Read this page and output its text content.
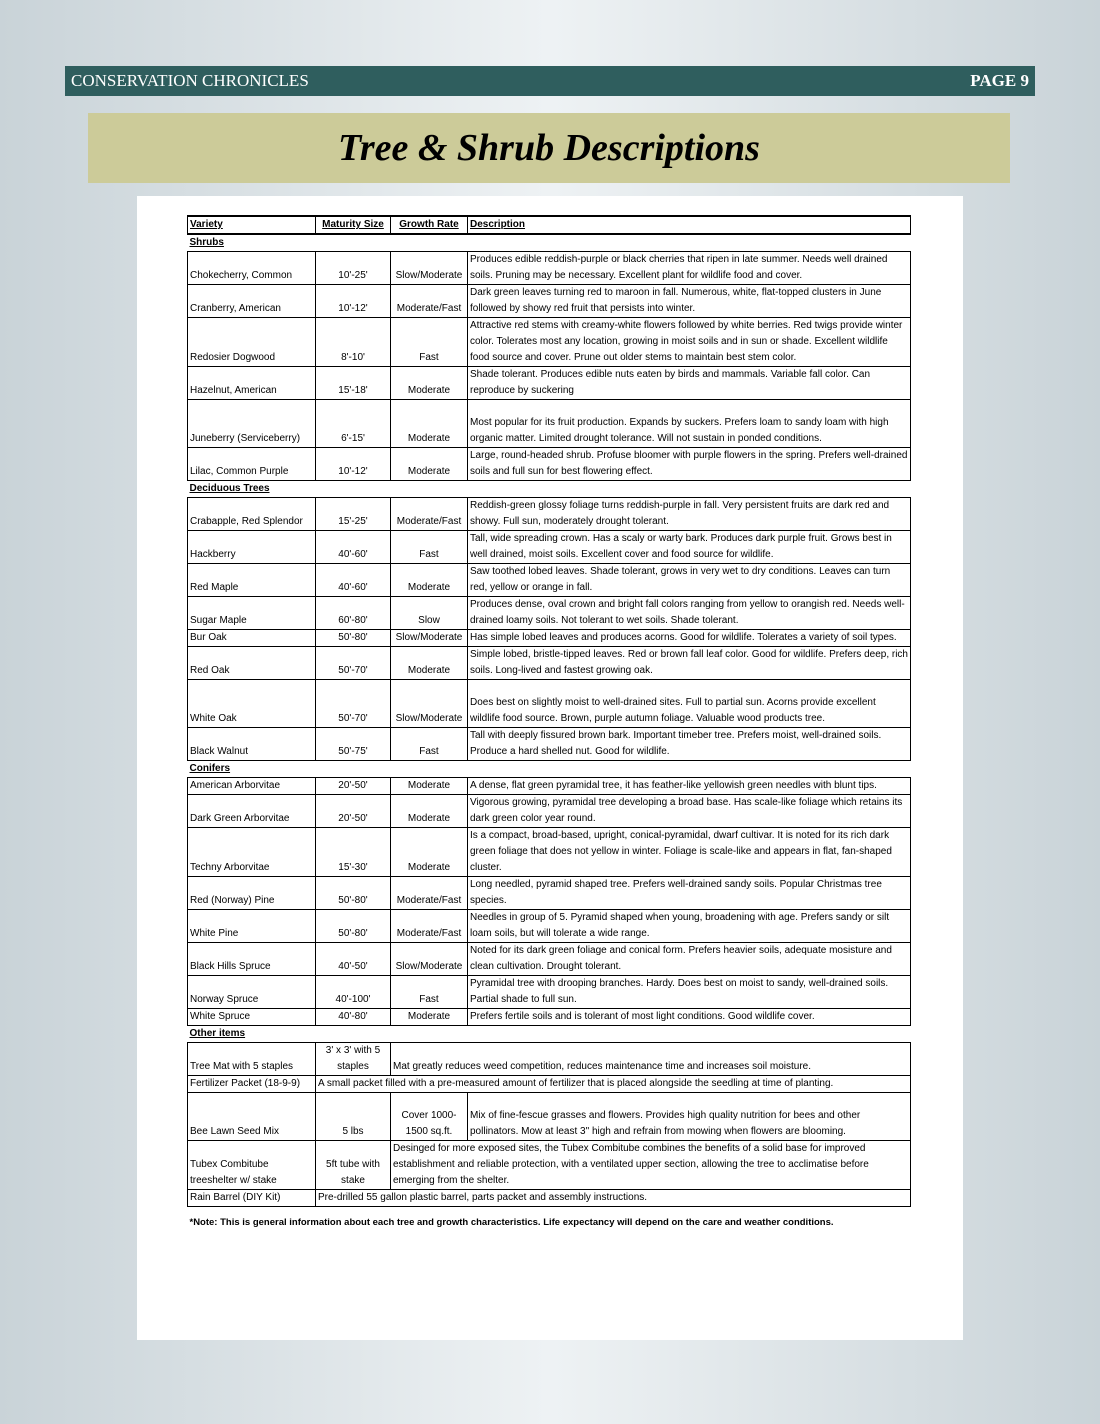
CONSERVATION CHRONICLES	PAGE 9
Tree & Shrub Descriptions
Variety	Maturity Size	Growth Rate	Description
Shrubs			
Chokecherry, Common	10'-25'	Slow/Moderate	Produces edible reddish-purple or black cherries that ripen in late summer. Needs well drained soils. Pruning may be necessary. Excellent plant for wildlife food and cover.
Cranberry, American	10'-12'	Moderate/Fast	Dark green leaves turning red to maroon in fall. Numerous, white, flat-topped clusters in June followed by showy red fruit that persists into winter.
Redosier Dogwood	8'-10'	Fast	Attractive red stems with creamy-white flowers followed by white berries. Red twigs provide winter color. Tolerates most any location, growing in moist soils and in sun or shade. Excellent wildlife food source and cover. Prune out older stems to maintain best stem color.
Hazelnut, American	15'-18'	Moderate	Shade tolerant. Produces edible nuts eaten by birds and mammals. Variable fall color. Can reproduce by suckering
Juneberry (Serviceberry)	6'-15'	Moderate	Most popular for its fruit production. Expands by suckers. Prefers loam to sandy loam with high organic matter. Limited drought tolerance. Will not sustain in ponded conditions.
Lilac, Common Purple	10'-12'	Moderate	Large, round-headed shrub. Profuse bloomer with purple flowers in the spring. Prefers well-drained soils and full sun for best flowering effect.
Deciduous Trees			
Crabapple, Red Splendor	15'-25'	Moderate/Fast	Reddish-green glossy foliage turns reddish-purple in fall. Very persistent fruits are dark red and showy. Full sun, moderately drought tolerant.
Hackberry	40'-60'	Fast	Tall, wide spreading crown. Has a scaly or warty bark. Produces dark purple fruit. Grows best in well drained, moist soils. Excellent cover and food source for wildlife.
Red Maple	40'-60'	Moderate	Saw toothed lobed leaves. Shade tolerant, grows in very wet to dry conditions. Leaves can turn red, yellow or orange in fall.
Sugar Maple	60'-80'	Slow	Produces dense, oval crown and bright fall colors ranging from yellow to orangish red. Needs well-drained loamy soils. Not tolerant to wet soils. Shade tolerant.
Bur Oak	50'-80'	Slow/Moderate	Has simple lobed leaves and produces acorns. Good for wildlife. Tolerates a variety of soil types.
Red Oak	50'-70'	Moderate	Simple lobed, bristle-tipped leaves. Red or brown fall leaf color. Good for wildlife. Prefers deep, rich soils. Long-lived and fastest growing oak.
White Oak	50'-70'	Slow/Moderate	Does best on slightly moist to well-drained sites. Full to partial sun. Acorns provide excellent wildlife food source. Brown, purple autumn foliage. Valuable wood products tree.
Black Walnut	50'-75'	Fast	Tall with deeply fissured brown bark. Important timeber tree. Prefers moist, well-drained soils. Produce a hard shelled nut. Good for wildlife.
Conifers			
American Arborvitae	20'-50'	Moderate	A dense, flat green pyramidal tree, it has feather-like yellowish green needles with blunt tips.
Dark Green Arborvitae	20'-50'	Moderate	Vigorous growing, pyramidal tree developing a broad base. Has scale-like foliage which retains its dark green color year round.
Techny Arborvitae	15'-30'	Moderate	Is a compact, broad-based, upright, conical-pyramidal, dwarf cultivar. It is noted for its rich dark green foliage that does not yellow in winter. Foliage is scale-like and appears in flat, fan-shaped cluster.
Red (Norway) Pine	50'-80'	Moderate/Fast	Long needled, pyramid shaped tree. Prefers well-drained sandy soils. Popular Christmas tree species.
White Pine	50'-80'	Moderate/Fast	Needles in group of 5. Pyramid shaped when young, broadening with age. Prefers sandy or silt loam soils, but will tolerate a wide range.
Black Hills Spruce	40'-50'	Slow/Moderate	Noted for its dark green foliage and conical form. Prefers heavier soils, adequate mosisture and clean cultivation. Drought tolerant.
Norway Spruce	40'-100'	Fast	Pyramidal tree with drooping branches. Hardy. Does best on moist to sandy, well-drained soils. Partial shade to full sun.
White Spruce	40'-80'	Moderate	Prefers fertile soils and is tolerant of most light conditions. Good wildlife cover.
Other items			
Tree Mat with 5 staples	3' x 3' with 5 staples	Mat greatly reduces weed competition, reduces maintenance time and increases soil moisture.	
Fertilizer Packet (18-9-9)	A small packet filled with a pre-measured amount of fertilizer that is placed alongside the seedling at time of planting.		
Bee Lawn Seed Mix	5 lbs	Cover 1000-1500 sq.ft.	Mix of fine-fescue grasses and flowers. Provides high quality nutrition for bees and other pollinators. Mow at least 3" high and refrain from mowing when flowers are blooming.
Tubex Combitube treeshelter w/ stake	5ft tube with stake	Desinged for more exposed sites, the Tubex Combitube combines the benefits of a solid base for improved establishment and reliable protection, with a ventilated upper section, allowing the tree to acclimatise before emerging from the shelter.	
Rain Barrel (DIY Kit)	Pre-drilled 55 gallon plastic barrel, parts packet and assembly instructions.		
*Note: This is general information about each tree and growth characteristics. Life expectancy will depend on the care and weather conditions.			
